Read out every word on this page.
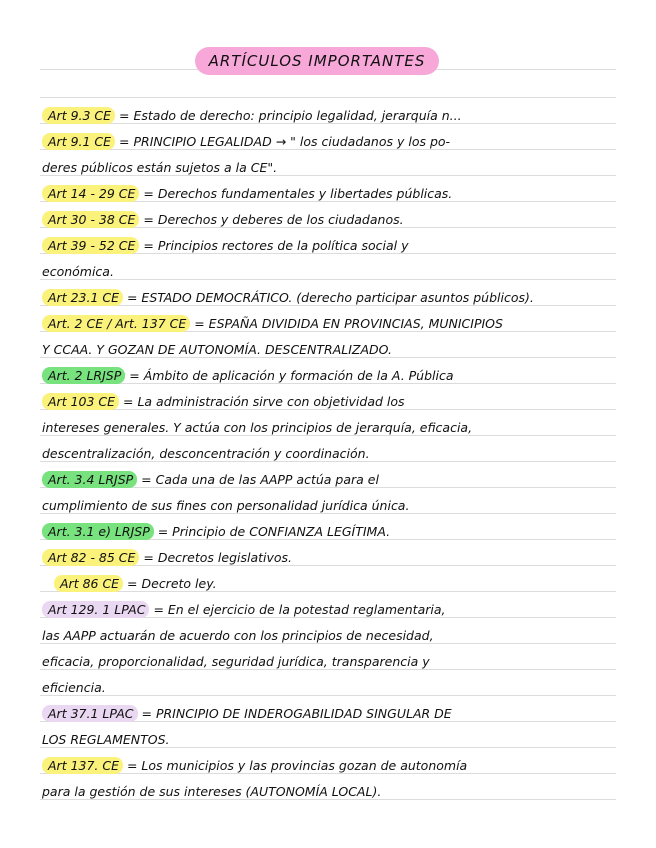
ARTÍCULOS IMPORTANTES
Art 9.3 CE = Estado de derecho: principio legalidad, jerarquía n...
Art 9.1 CE = PRINCIPIO LEGALIDAD → " los ciudadanos y los po-
deres públicos están sujetos a la CE".
Art 14 - 29 CE = Derechos fundamentales y libertades públicas.
Art 30 - 38 CE = Derechos y deberes de los ciudadanos.
Art 39 - 52 CE = Principios rectores de la política social y
económica.
Art 23.1 CE = ESTADO DEMOCRÁTICO. (derecho participar asuntos públicos).
Art. 2 CE / Art. 137 CE = ESPAÑA DIVIDIDA EN PROVINCIAS, MUNICIPIOS
Y CCAA. Y GOZAN DE AUTONOMÍA. DESCENTRALIZADO.
Art. 2 LRJSP = Ámbito de aplicación y formación de la A. Pública
Art 103 CE = La administración sirve con objetividad los
intereses generales. Y actúa con los principios de jerarquía, eficacia,
descentralización, desconcentración y coordinación.
Art. 3.4 LRJSP = Cada una de las AAPP actúa para el
cumplimiento de sus fines con personalidad jurídica única.
Art. 3.1 e) LRJSP = Principio de CONFIANZA LEGÍTIMA.
Art 82 - 85 CE = Decretos legislativos.
Art 86 CE = Decreto ley.
Art 129. 1 LPAC = En el ejercicio de la potestad reglamentaria,
las AAPP actuarán de acuerdo con los principios de necesidad,
eficacia, proporcionalidad, seguridad jurídica, transparencia y
eficiencia.
Art 37.1 LPAC = PRINCIPIO DE INDEROGABILIDAD SINGULAR DE
LOS REGLAMENTOS.
Art 137. CE = Los municipios y las provincias gozan de autonomía
para la gestión de sus intereses (AUTONOMÍA LOCAL).
